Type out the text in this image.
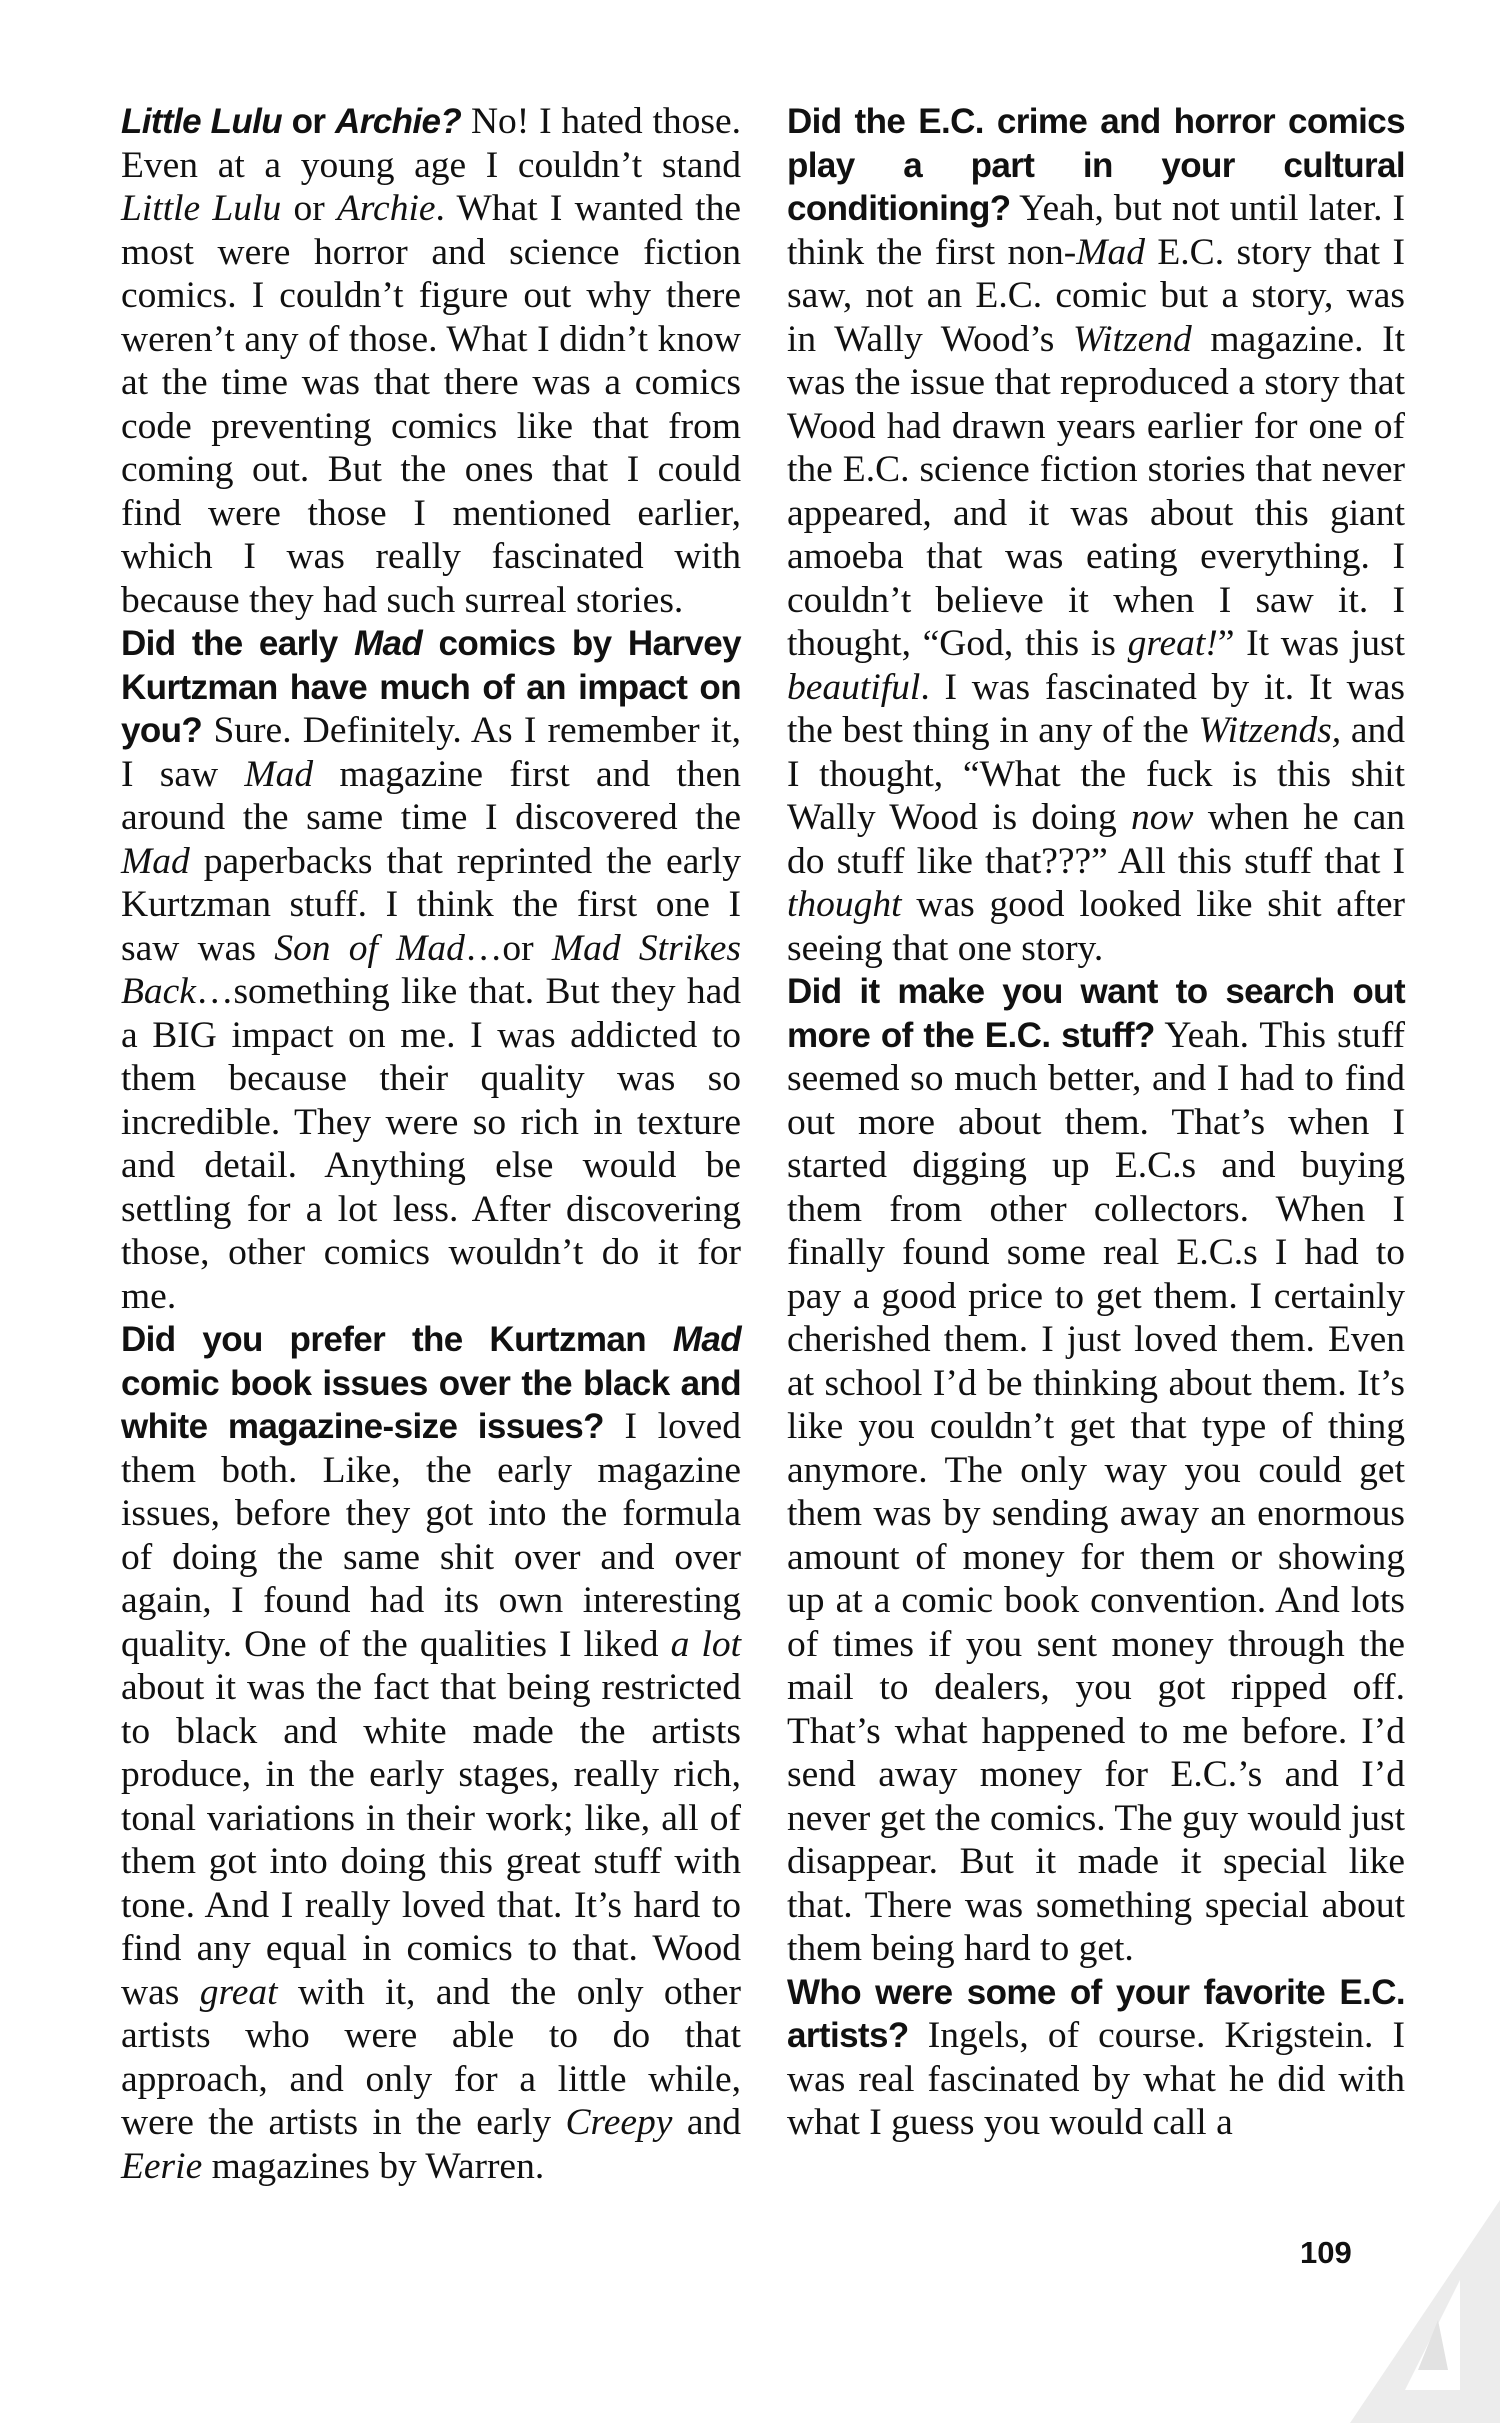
Little Lulu or Archie? No! I hated those. Even at a young age I couldn’t stand Little Lulu or Archie. What I wanted the most were horror and science fiction comics. I couldn’t figure out why there weren’t any of those. What I didn’t know at the time was that there was a comics code preventing comics like that from coming out. But the ones that I could find were those I mentioned earlier, which I was really fascinated with because they had such surreal stories.

Did the early Mad comics by Harvey Kurtzman have much of an impact on you? Sure. Definitely. As I remember it, I saw Mad magazine first and then around the same time I discovered the Mad paperbacks that reprinted the early Kurtzman stuff. I think the first one I saw was Son of Mad…or Mad Strikes Back…something like that. But they had a BIG impact on me. I was addicted to them because their quality was so incredible. They were so rich in texture and detail. Anything else would be settling for a lot less. After discovering those, other comics wouldn’t do it for me.

Did you prefer the Kurtzman Mad comic book issues over the black and white magazine-size issues? I loved them both. Like, the early magazine issues, before they got into the formula of doing the same shit over and over again, I found had its own interesting quality. One of the qualities I liked a lot about it was the fact that being restricted to black and white made the artists produce, in the early stages, really rich, tonal variations in their work; like, all of them got into doing this great stuff with tone. And I really loved that. It’s hard to find any equal in comics to that. Wood was great with it, and the only other artists who were able to do that approach, and only for a little while, were the artists in the early Creepy and Eerie magazines by Warren.

Did the E.C. crime and horror comics play a part in your cultural conditioning? Yeah, but not until later. I think the first non-Mad E.C. story that I saw, not an E.C. comic but a story, was in Wally Wood’s Witzend magazine. It was the issue that reproduced a story that Wood had drawn years earlier for one of the E.C. science fiction stories that never appeared, and it was about this giant amoeba that was eating everything. I couldn’t believe it when I saw it. I thought, “God, this is great!” It was just beautiful. I was fascinated by it. It was the best thing in any of the Witzends, and I thought, “What the fuck is this shit Wally Wood is doing now when he can do stuff like that???” All this stuff that I thought was good looked like shit after seeing that one story.

Did it make you want to search out more of the E.C. stuff? Yeah. This stuff seemed so much better, and I had to find out more about them. That’s when I started digging up E.C.s and buying them from other collectors. When I finally found some real E.C.s I had to pay a good price to get them. I certainly cherished them. I just loved them. Even at school I’d be thinking about them. It’s like you couldn’t get that type of thing anymore. The only way you could get them was by sending away an enormous amount of money for them or showing up at a comic book convention. And lots of times if you sent money through the mail to dealers, you got ripped off. That’s what happened to me before. I’d send away money for E.C.’s and I’d never get the comics. The guy would just disappear. But it made it special like that. There was something special about them being hard to get.

Who were some of your favorite E.C. artists? Ingels, of course. Krigstein. I was real fascinated by what he did with what I guess you would call a

109
